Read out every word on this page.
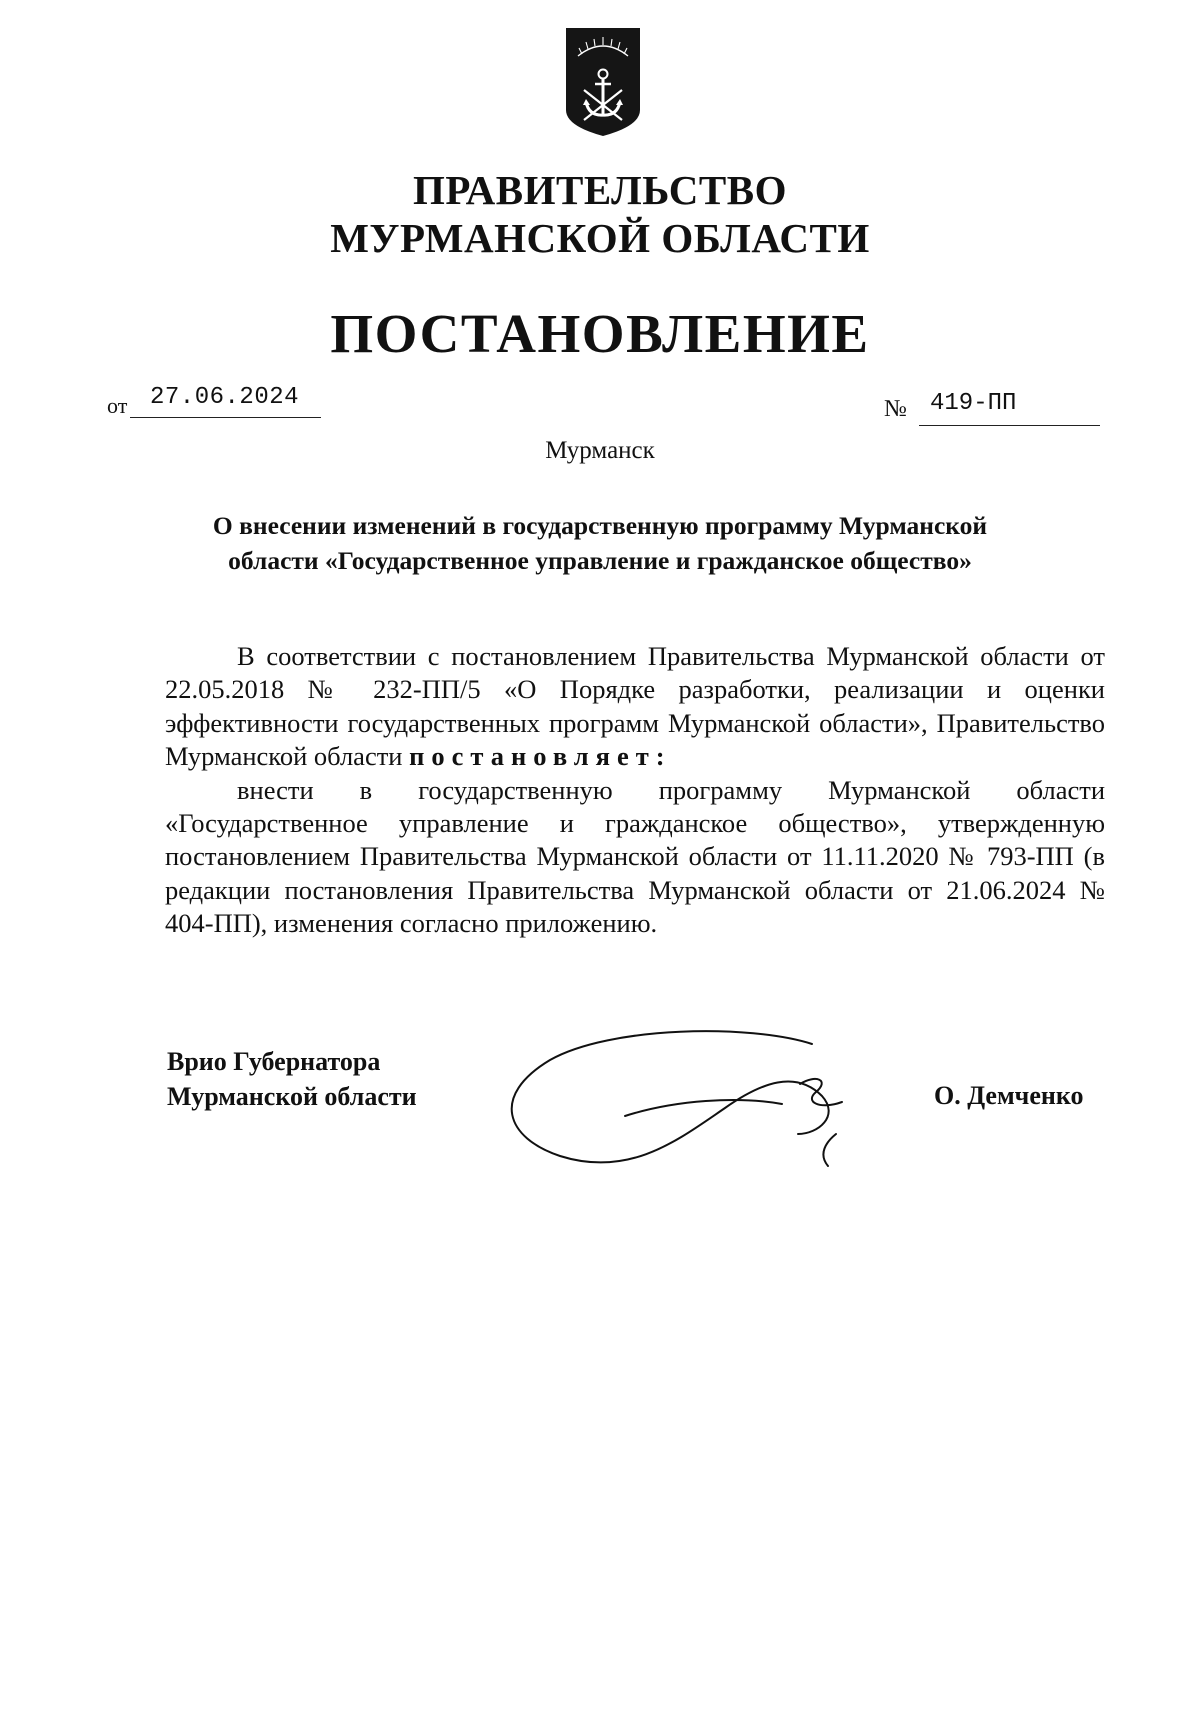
ПРАВИТЕЛЬСТВО
МУРМАНСКОЙ ОБЛАСТИ
ПОСТАНОВЛЕНИЕ
от 27.06.2024	№ 419-ПП
Мурманск
О внесении изменений в государственную программу Мурманской области «Государственное управление и гражданское общество»

В соответствии с постановлением Правительства Мурманской области от 22.05.2018 № 232-ПП/5 «О Порядке разработки, реализации и оценки эффективности государственных программ Мурманской области», Правительство Мурманской области постановляет:

внести в государственную программу Мурманской области «Государственное управление и гражданское общество», утвержденную постановлением Правительства Мурманской области от 11.11.2020 № 793-ПП (в редакции постановления Правительства Мурманской области от 21.06.2024 № 404-ПП), изменения согласно приложению.

Врио Губернатора
Мурманской области	О. Демченко
